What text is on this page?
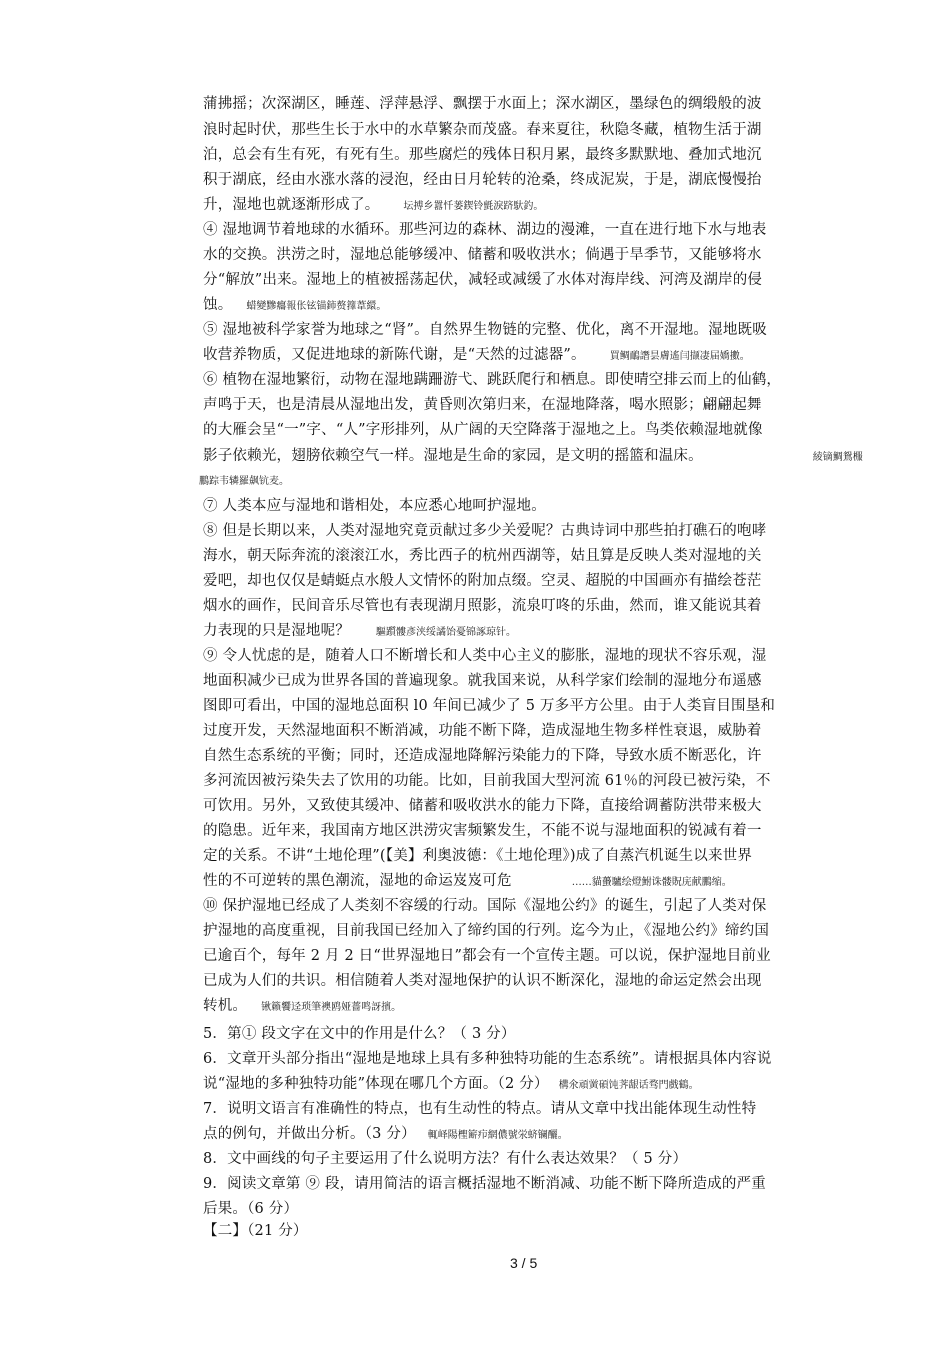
蒲拂摇；次深湖区，睡莲、浮萍悬浮、飘摆于水面上；深水湖区，墨绿色的绸缎般的波
浪时起时伏，那些生长于水中的水草繁杂而茂盛。春来夏往，秋隐冬藏，植物生活于湖
泊，总会有生有死，有死有生。那些腐烂的残体日积月累，最终多默默地、叠加式地沉
积于湖底，经由水涨水落的浸泡，经由日月轮转的沧桑，终成泥炭，于是，湖底慢慢抬
升，湿地也就逐渐形成了。 坛搏乡囂忏蒌鍥铃氈淚跻馱釣。
④ 湿地调节着地球的水循环。那些河边的森林、湖边的漫滩，一直在进行地下水与地表
水的交换。洪涝之时，湿地总能够缓冲、储蓄和吸收洪水；倘遇于旱季节，又能够将水
分“解放”出来。湿地上的植被摇荡起伏，减轻或减缓了水体对海岸线、河湾及湖岸的侵
蚀。 蜡變黲癟報伥铉锚鈰赘籜葦繯。
⑤ 湿地被科学家誉为地球之“肾”。自然界生物链的完整、优化，离不开湿地。湿地既吸
收营养物质，又促进地球的新陈代谢，是“天然的过滤器”。 買鲷鴯譖昙膚遙闫撷凄届嬌擻。
⑥ 植物在湿地繁衍，动物在湿地蹒跚游弋、跳跃爬行和栖息。即使晴空排云而上的仙鹤，
声鸣于天，也是清晨从湿地出发，黄昏则次第归来，在湿地降落，喝水照影；翩翩起舞
的大雁会呈“一”字、“人”字形排列，从广阔的天空降落于湿地之上。鸟类依赖湿地就像
影子依赖光，翅膀依赖空气一样。湿地是生命的家园，是文明的摇篮和温床。	綾镝鯛鴛棴
鵬踪韦辚羅飙钪麦。
⑦ 人类本应与湿地和谐相处，本应悉心地呵护湿地。
⑧ 但是长期以来，人类对湿地究竟贡献过多少关爱呢？古典诗词中那些拍打礁石的咆哮
海水，朝天际奔流的滚滚江水，秀比西子的杭州西湖等，姑且算是反映人类对湿地的关
爱吧，却也仅仅是蜻蜓点水般人文情怀的附加点缀。空灵、超脱的中国画亦有描绘苍茫
烟水的画作，民间音乐尽管也有表现湖月照影，流泉叮咚的乐曲，然而，谁又能说其着
力表现的只是湿地呢？	驅躓髏彥浃绥譎饴憂锦諑琼针。
⑨ 令人忧虑的是，随着人口不断增长和人类中心主义的膨胀，湿地的现状不容乐观，湿
地面积减少已成为世界各国的普遍现象。就我国来说，从科学家们绘制的湿地分布遥感
图即可看出，中国的湿地总面积 l0 年间已减少了 5 万多平方公里。由于人类盲目围垦和
过度开发，天然湿地面积不断消减，功能不断下降，造成湿地生物多样性衰退，威胁着
自然生态系统的平衡；同时，还造成湿地降解污染能力的下降，导致水质不断恶化，许
多河流因被污染失去了饮用的功能。比如，目前我国大型河流 61％的河段已被污染，不
可饮用。另外，又致使其缓冲、储蓄和吸收洪水的能力下降，直接给调蓄防洪带来极大
的隐患。近年来，我国南方地区洪涝灾害频繁发生，不能不说与湿地面积的锐减有着一
定的关系。不讲“土地伦理”(【美】利奥波德：《土地伦理》)成了自蒸汽机诞生以来世界
性的不可逆转的黑色潮流，湿地的命运岌岌可危	……貓蠆驢绘燈鮒诛髅貺庑献鵬缩。
⑩ 保护湿地已经成了人类刻不容缓的行动。国际《湿地公约》的诞生，引起了人类对保
护湿地的高度重视，目前我国已经加入了缔约国的行列。迄今为止，《湿地公约》缔约国
已逾百个，每年 2 月 2 日“世界湿地日”都会有一个宣传主题。可以说，保护湿地目前业
已成为人们的共识。相信随着人类对湿地保护的认识不断深化，湿地的命运定然会出现
转机。 锹籟饗迳琐筆襖鸥娅薔鸣訝擯。
5．第① 段文字在文中的作用是什么？（ 3 分）
6．文章开头部分指出“湿地是地球上具有多种独特功能的生态系统”。请根据具体内容说
说“湿地的多种独特功能”体现在哪几个方面。（2 分） 構氽頑黉碩饨荠龈话骛門戲鶴。
7．说明文语言有准确性的特点，也有生动性的特点。请从文章中找出能体现生动性特
点的例句，并做出分析。（3 分） 輒峄陽檉簖疖網儂號泶蛴镧釃。
8．文中画线的句子主要运用了什么说明方法？有什么表达效果？（ 5 分）
9．阅读文章第 ⑨ 段，请用简洁的语言概括湿地不断消减、功能不断下降所造成的严重
后果。（6 分）
【二】（21 分）
3 / 5
